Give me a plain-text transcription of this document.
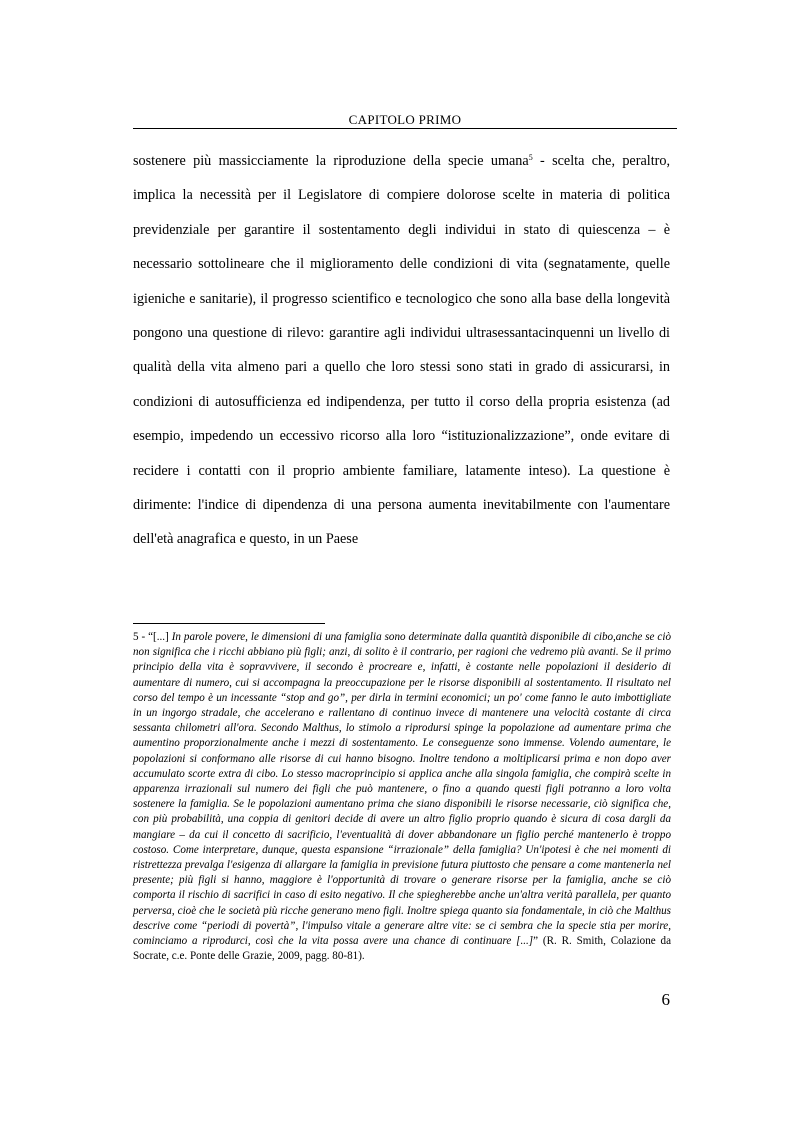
CAPITOLO PRIMO

sostenere più massicciamente la riproduzione della specie umana$^5$ - scelta che, peraltro, implica la necessità per il Legislatore di compiere dolorose scelte in materia di politica previdenziale per garantire il sostentamento degli individui in stato di quiescenza – è necessario sottolineare che il miglioramento delle condizioni di vita (segnatamente, quelle igieniche e sanitarie), il progresso scientifico e tecnologico che sono alla base della longevità pongono una questione di rilevo: garantire agli individui ultrasessantacinquenni un livello di qualità della vita almeno pari a quello che loro stessi sono stati in grado di assicurarsi, in condizioni di autosufficienza ed indipendenza, per tutto il corso della propria esistenza (ad esempio, impedendo un eccessivo ricorso alla loro “istituzionalizzazione”, onde evitare di recidere i contatti con il proprio ambiente familiare, latamente inteso). La questione è dirimente: l'indice di dipendenza di una persona aumenta inevitabilmente con l'aumentare dell'età anagrafica e questo, in un Paese

5 - “[...] In parole povere, le dimensioni di una famiglia sono determinate dalla quantità disponibile di cibo,anche se ciò non significa che i ricchi abbiano più figli; anzi, di solito è il contrario, per ragioni che vedremo più avanti. Se il primo principio della vita è sopravvivere, il secondo è procreare e, infatti, è costante nelle popolazioni il desiderio di aumentare di numero, cui si accompagna la preoccupazione per le risorse disponibili al sostentamento. Il risultato nel corso del tempo è un incessante “stop and go”, per dirla in termini economici; un po' come fanno le auto imbottigliate in un ingorgo stradale, che accelerano e rallentano di continuo invece di mantenere una velocità costante di circa sessanta chilometri all'ora. Secondo Malthus, lo stimolo a riprodursi spinge la popolazione ad aumentare prima che aumentino proporzionalmente anche i mezzi di sostentamento. Le conseguenze sono immense. Volendo aumentare, le popolazioni si conformano alle risorse di cui hanno bisogno. Inoltre tendono a moltiplicarsi prima e non dopo aver accumulato scorte extra di cibo. Lo stesso macroprincipio si applica anche alla singola famiglia, che compirà scelte in apparenza irrazionali sul numero dei figli che può mantenere, o fino a quando questi figli potranno a loro volta sostenere la famiglia. Se le popolazioni aumentano prima che siano disponibili le risorse necessarie, ciò significa che, con più probabilità, una coppia di genitori decide di avere un altro figlio proprio quando è sicura di cosa dargli da mangiare – da cui il concetto di sacrificio, l'eventualità di dover abbandonare un figlio perché mantenerlo è troppo costoso. Come interpretare, dunque, questa espansione “irrazionale” della famiglia? Un'ipotesi è che nei momenti di ristrettezza prevalga l'esigenza di allargare la famiglia in previsione futura piuttosto che pensare a come mantenerla nel presente; più figli si hanno, maggiore è l'opportunità di trovare o generare risorse per la famiglia, anche se ciò comporta il rischio di sacrifici in caso di esito negativo. Il che spiegherebbe anche un'altra verità parallela, per quanto perversa, cioè che le società più ricche generano meno figli. Inoltre spiega quanto sia fondamentale, in ciò che Malthus descrive come “periodi di povertà”, l'impulso vitale a generare altre vite: se ci sembra che la specie stia per morire, cominciamo a riprodurci, così che la vita possa avere una chance di continuare [...]” (R. R. Smith, Colazione da Socrate, c.e. Ponte delle Grazie, 2009, pagg. 80-81).

6
